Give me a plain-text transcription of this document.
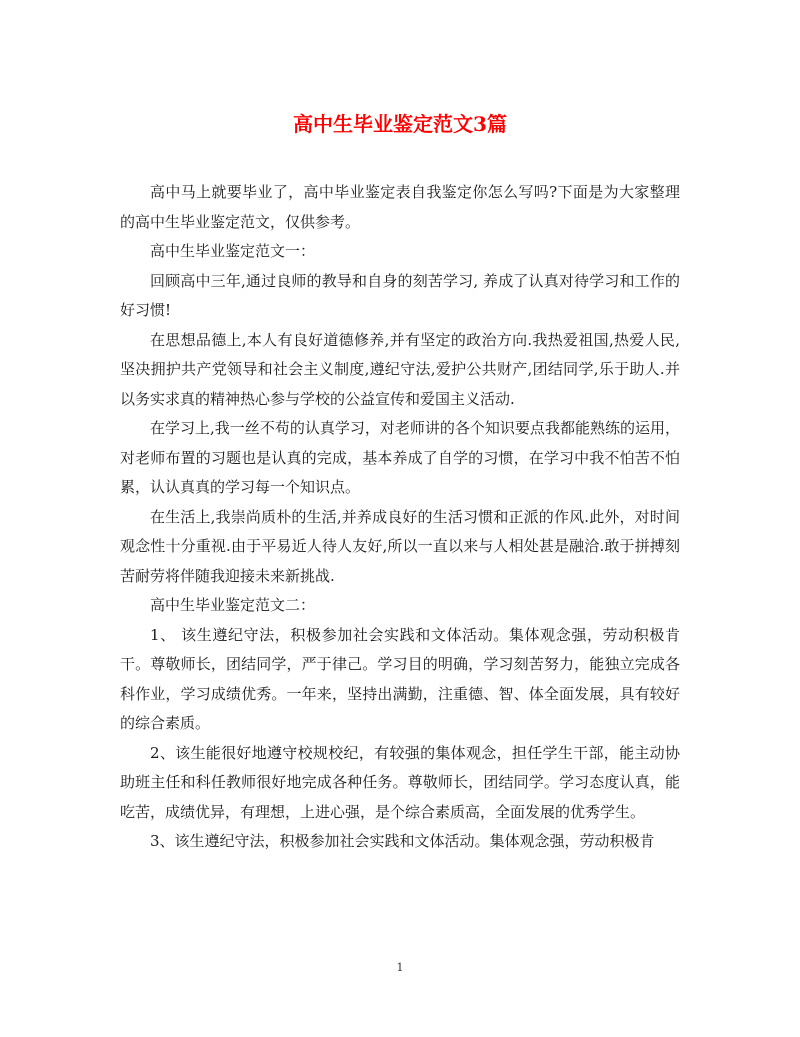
高中生毕业鉴定范文3篇

高中马上就要毕业了，高中毕业鉴定表自我鉴定你怎么写吗?下面是为大家整理的高中生毕业鉴定范文，仅供参考。

高中生毕业鉴定范文一：

回顾高中三年,通过良师的教导和自身的刻苦学习, 养成了认真对待学习和工作的好习惯!

在思想品德上,本人有良好道德修养,并有坚定的政治方向.我热爱祖国,热爱人民,坚决拥护共产党领导和社会主义制度,遵纪守法,爱护公共财产,团结同学,乐于助人.并以务实求真的精神热心参与学校的公益宣传和爱国主义活动.

在学习上,我一丝不苟的认真学习，对老师讲的各个知识要点我都能熟练的运用，对老师布置的习题也是认真的完成，基本养成了自学的习惯，在学习中我不怕苦不怕累，认认真真的学习每一个知识点。

在生活上,我崇尚质朴的生活,并养成良好的生活习惯和正派的作风.此外，对时间观念性十分重视.由于平易近人待人友好,所以一直以来与人相处甚是融洽.敢于拼搏刻苦耐劳将伴随我迎接未来新挑战.

高中生毕业鉴定范文二：

1、 该生遵纪守法，积极参加社会实践和文体活动。集体观念强，劳动积极肯干。尊敬师长，团结同学，严于律己。学习目的明确，学习刻苦努力，能独立完成各科作业，学习成绩优秀。一年来，坚持出满勤，注重德、智、体全面发展，具有较好的综合素质。

2、该生能很好地遵守校规校纪，有较强的集体观念，担任学生干部，能主动协助班主任和科任教师很好地完成各种任务。尊敬师长，团结同学。学习态度认真，能吃苦，成绩优异，有理想，上进心强，是个综合素质高，全面发展的优秀学生。

3、该生遵纪守法，积极参加社会实践和文体活动。集体观念强，劳动积极肯

1
